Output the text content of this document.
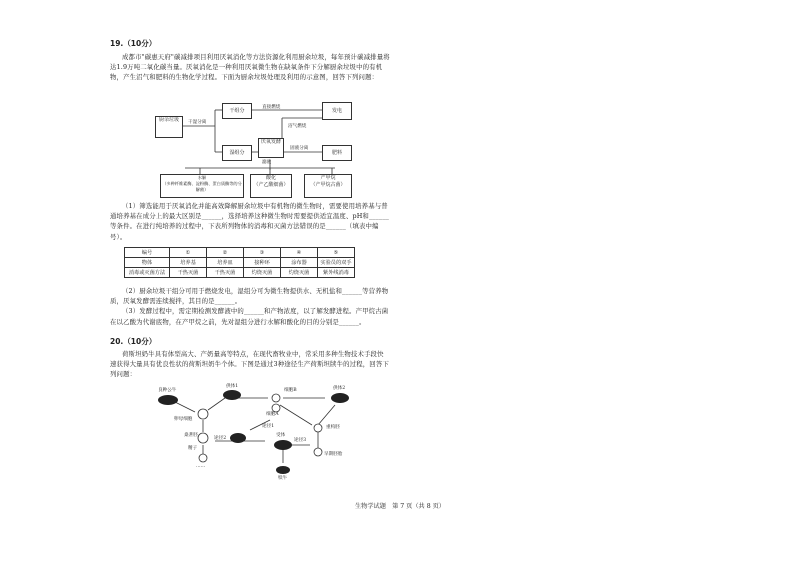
19.（10分）

成都市"碳惠天府"碳减排项目利用厌氧消化等方法资源化利用厨余垃圾，每年预计碳减排量将达1.9万吨二氧化碳当量。厌氧消化是一种利用厌氧微生物在缺氧条件下分解厨余垃圾中的有机物，产生沼气和肥料的生物化学过程。下面为厨余垃圾处理及利用的示意图，回答下列问题：

厨余垃圾	干湿分离
干组分
直接燃烧
发电
沼气燃烧
湿组分
厌氧发酵
固液分离
肥料
滤液
水解
（多种纤维素酶、淀粉酶、蛋白质酶等的分解菌）
酸化
（产乙酸细菌）
产甲烷
（产甲烷古菌）

（1）筛选能用于厌氧消化并能高效降解厨余垃圾中有机物的微生物时，需要使用培养基与普通培养基在成分上的最大区别是______，选择培养这种微生物时需要提供适宜温度、pH和______等条件。在进行纯培养的过程中，下表所列物体的消毒和灭菌方法错误的是______（填表中编号）。

编号	①	②	③	④	⑤
物体	培养基	培养皿	接种环	涂布器	实验员的双手
消毒或灭菌方法	干热灭菌	干热灭菌	灼烧灭菌	灼烧灭菌	紫外线消毒

（2）厨余垃圾干组分可用于燃烧发电，湿组分可为微生物提供水、无机盐和______等营养物质，厌氧发酵需连续搅拌，其目的是______。

（3）发酵过程中，需定期检测发酵液中的______和产物浓度，以了解发酵进程。产甲烷古菌在以乙酸为代谢底物，在产甲烷之前，先对湿组分进行水解和酸化的目的分别是______。

20.（10分）

荷斯坦奶牛具有体型高大、产奶量高等特点，在现代畜牧业中，常采用多种生物技术手段快速获得大量具有优良性状的荷斯坦奶牛个体。下图是通过3种途径生产荷斯坦牍牛的过程，回答下列问题：

良种公牛
供体1	供体2
细胞B
细胞A
卵母细胞
桑葚胚
精子
重构胚
途径1
途径2	途径3
受体
早期胚胎
犊牛
……
生物学试题　第 7 页（共 8 页）
